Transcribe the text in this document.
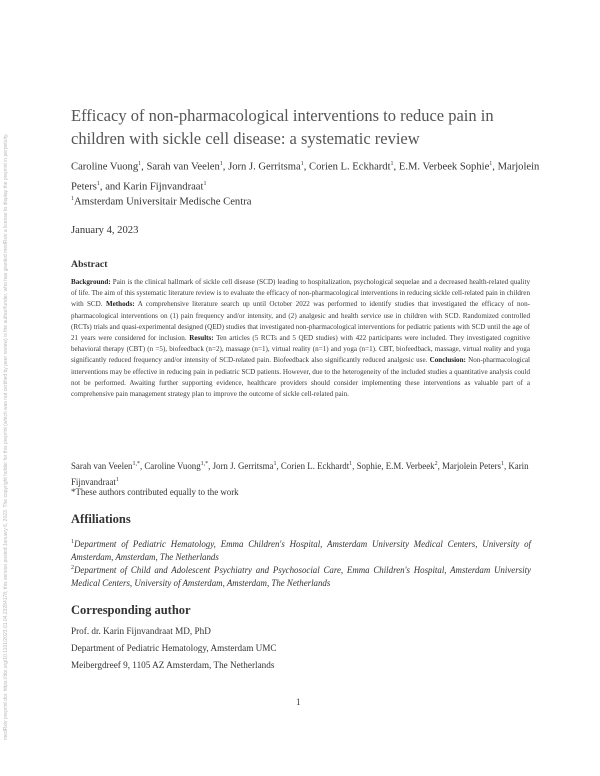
medRxiv preprint doi: https://doi.org/10.1101/2023.01.04.23284178; this version posted January 6, 2023. The copyright holder for this preprint (which was not certified by peer review) is the author/funder, who has granted medRxiv a license to display the preprint in perpetuity.
Efficacy of non-pharmacological interventions to reduce pain in children with sickle cell disease: a systematic review
Caroline Vuong$^1$, Sarah van Veelen$^1$, Jorn J. Gerritsma$^1$, Corien L. Eckhardt$^1$, E.M. Verbeek Sophie$^1$, Marjolein Peters$^1$, and Karin Fijnvandraat$^1$
$^1$Amsterdam Universitair Medische Centra
January 4, 2023
Abstract
Background: Pain is the clinical hallmark of sickle cell disease (SCD) leading to hospitalization, psychological sequelae and a decreased health-related quality of life. The aim of this systematic literature review is to evaluate the efficacy of non-pharmacological interventions in reducing sickle cell-related pain in children with SCD. Methods: A comprehensive literature search up until October 2022 was performed to identify studies that investigated the efficacy of non-pharmacological interventions on (1) pain frequency and/or intensity, and (2) analgesic and health service use in children with SCD. Randomized controlled (RCTs) trials and quasi-experimental designed (QED) studies that investigated non-pharmacological interventions for pediatric patients with SCD until the age of 21 years were considered for inclusion. Results: Ten articles (5 RCTs and 5 QED studies) with 422 participants were included. They investigated cognitive behavioral therapy (CBT) (n =5), biofeedback (n=2), massage (n=1), virtual reality (n=1) and yoga (n=1). CBT, biofeedback, massage, virtual reality and yoga significantly reduced frequency and/or intensity of SCD-related pain. Biofeedback also significantly reduced analgesic use. Conclusion: Non-pharmacological interventions may be effective in reducing pain in pediatric SCD patients. However, due to the heterogeneity of the included studies a quantitative analysis could not be performed. Awaiting further supporting evidence, healthcare providers should consider implementing these interventions as valuable part of a comprehensive pain management strategy plan to improve the outcome of sickle cell-related pain.
Sarah van Veelen$^{1,*}$, Caroline Vuong$^{1,*}$, Jorn J. Gerritsma$^1$, Corien L. Eckhardt$^1$, Sophie, E.M. Verbeek$^2$, Marjolein Peters$^1$, Karin Fijnvandraat$^1$
*These authors contributed equally to the work
Affiliations
$^1$Department of Pediatric Hematology, Emma Children's Hospital, Amsterdam University Medical Centers, University of Amsterdam, Amsterdam, The Netherlands
$^2$Department of Child and Adolescent Psychiatry and Psychosocial Care, Emma Children's Hospital, Amsterdam University Medical Centers, University of Amsterdam, Amsterdam, The Netherlands
Corresponding author
Prof. dr. Karin Fijnvandraat MD, PhD
Department of Pediatric Hematology, Amsterdam UMC
Meibergdreef 9, 1105 AZ Amsterdam, The Netherlands
1
